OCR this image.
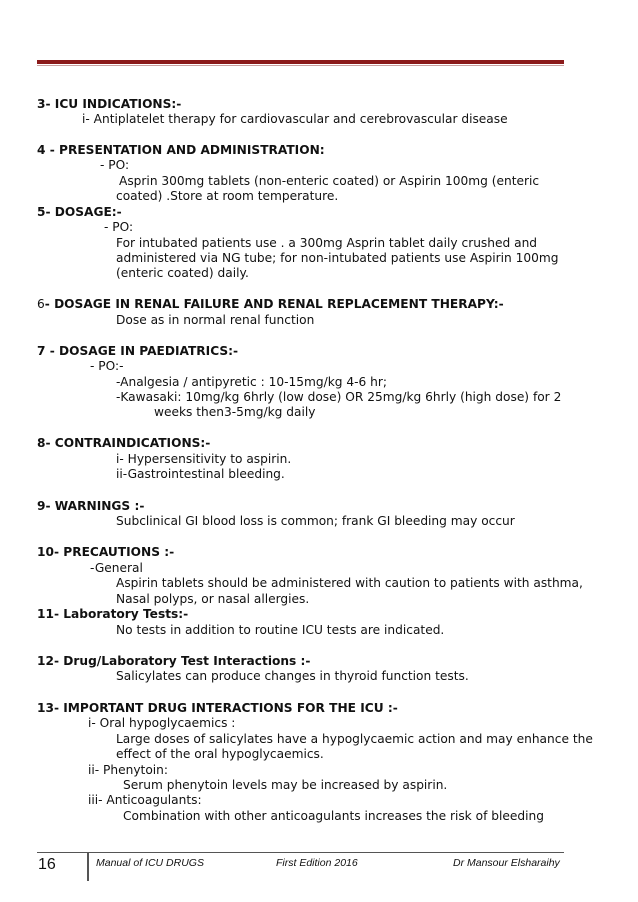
3- ICU INDICATIONS:-
i- Antiplatelet therapy for cardiovascular and cerebrovascular disease
4 - PRESENTATION AND ADMINISTRATION:
- PO:
Asprin 300mg tablets (non-enteric coated) or Aspirin 100mg (enteric
coated) .Store at room temperature.
5- DOSAGE:-
- PO:
For intubated patients use . a 300mg Asprin tablet daily crushed and
administered via NG tube; for non-intubated patients use Aspirin 100mg
(enteric coated) daily.
6- DOSAGE IN RENAL FAILURE AND RENAL REPLACEMENT THERAPY:-
Dose as in normal renal function
7 - DOSAGE IN PAEDIATRICS:-
- PO:-
-Analgesia / antipyretic : 10-15mg/kg 4-6 hr;
-Kawasaki: 10mg/kg 6hrly (low dose) OR 25mg/kg 6hrly (high dose) for 2
weeks then3-5mg/kg daily
8- CONTRAINDICATIONS:-
i- Hypersensitivity to aspirin.
ii-Gastrointestinal bleeding.
9- WARNINGS :-
Subclinical GI blood loss is common; frank GI bleeding may occur
10- PRECAUTIONS :-
-General
Aspirin tablets should be administered with caution to patients with asthma,
Nasal polyps, or nasal allergies.
11- Laboratory Tests:-
No tests in addition to routine ICU tests are indicated.
12- Drug/Laboratory Test Interactions :-
Salicylates can produce changes in thyroid function tests.
13- IMPORTANT DRUG INTERACTIONS FOR THE ICU :-
i- Oral hypoglycaemics :
Large doses of salicylates have a hypoglycaemic action and may enhance the
effect of the oral hypoglycaemics.
ii- Phenytoin:
Serum phenytoin levels may be increased by aspirin.
iii- Anticoagulants:
Combination with other anticoagulants increases the risk of bleeding
16	Manual of ICU DRUGS	First Edition 2016	Dr Mansour Elsharaihy
